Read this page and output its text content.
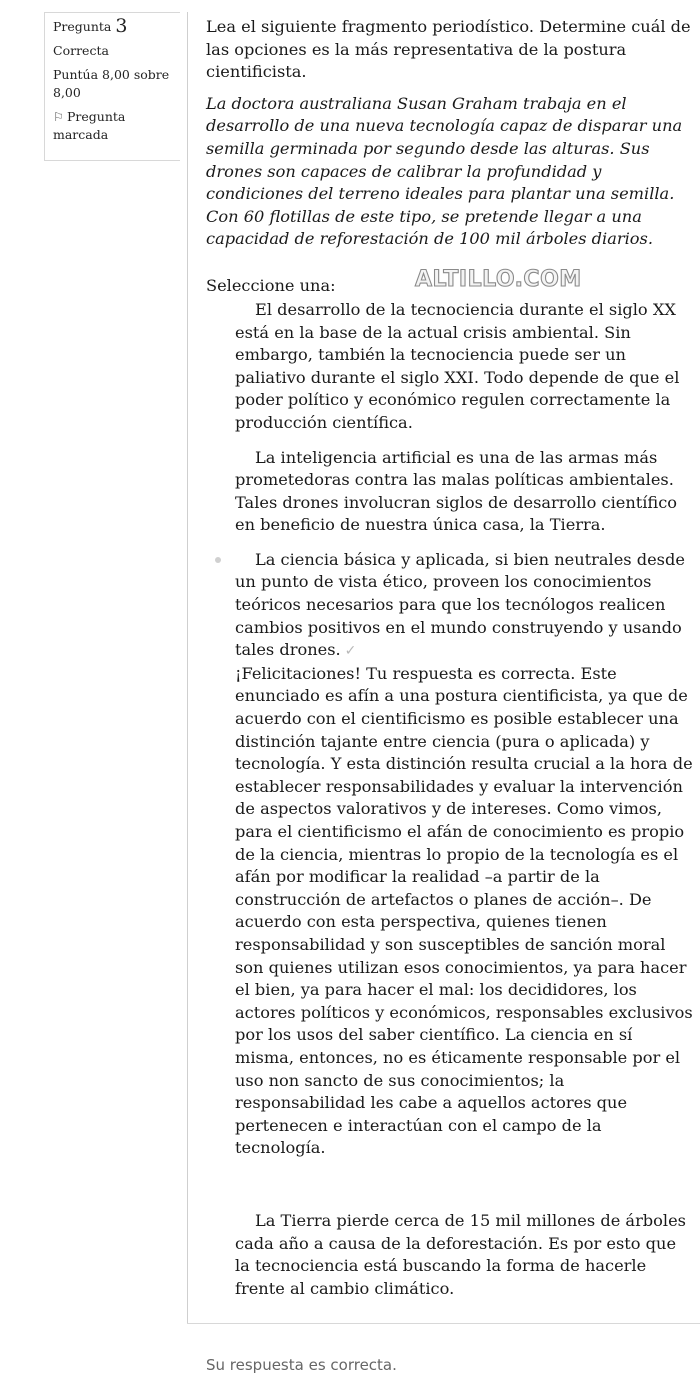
Pregunta 3
Correcta
Puntúa 8,00 sobre 8,00
⚐ Pregunta marcada

Lea el siguiente fragmento periodístico. Determine cuál de las opciones es la más representativa de la postura cientificista.

La doctora australiana Susan Graham trabaja en el desarrollo de una nueva tecnología capaz de disparar una semilla germinada por segundo desde las alturas. Sus drones son capaces de calibrar la profundidad y condiciones del terreno ideales para plantar una semilla. Con 60 flotillas de este tipo, se pretende llegar a una capacidad de reforestación de 100 mil árboles diarios.

Seleccione una:	ALTILLO.COM
El desarrollo de la tecnociencia durante el siglo XX está en la base de la actual crisis ambiental. Sin embargo, también la tecnociencia puede ser un paliativo durante el siglo XXI. Todo depende de que el poder político y económico regulen correctamente la producción científica.
La inteligencia artificial es una de las armas más prometedoras contra las malas políticas ambientales. Tales drones involucran siglos de desarrollo científico en beneficio de nuestra única casa, la Tierra.
La ciencia básica y aplicada, si bien neutrales desde un punto de vista ético, proveen los conocimientos teóricos necesarios para que los tecnólogos realicen cambios positivos en el mundo construyendo y usando tales drones. ✓
¡Felicitaciones! Tu respuesta es correcta. Este enunciado es afín a una postura cientificista, ya que de acuerdo con el cientificismo es posible establecer una distinción tajante entre ciencia (pura o aplicada) y tecnología. Y esta distinción resulta crucial a la hora de establecer responsabilidades y evaluar la intervención de aspectos valorativos y de intereses. Como vimos, para el cientificismo el afán de conocimiento es propio de la ciencia, mientras lo propio de la tecnología es el afán por modificar la realidad –a partir de la construcción de artefactos o planes de acción–. De acuerdo con esta perspectiva, quienes tienen responsabilidad y son susceptibles de sanción moral son quienes utilizan esos conocimientos, ya para hacer el bien, ya para hacer el mal: los decididores, los actores políticos y económicos, responsables exclusivos por los usos del saber científico. La ciencia en sí misma, entonces, no es éticamente responsable por el uso non sancto de sus conocimientos; la responsabilidad les cabe a aquellos actores que pertenecen e interactúan con el campo de la tecnología.
La Tierra pierde cerca de 15 mil millones de árboles cada año a causa de la deforestación. Es por esto que la tecnociencia está buscando la forma de hacerle frente al cambio climático.
Su respuesta es correcta.
